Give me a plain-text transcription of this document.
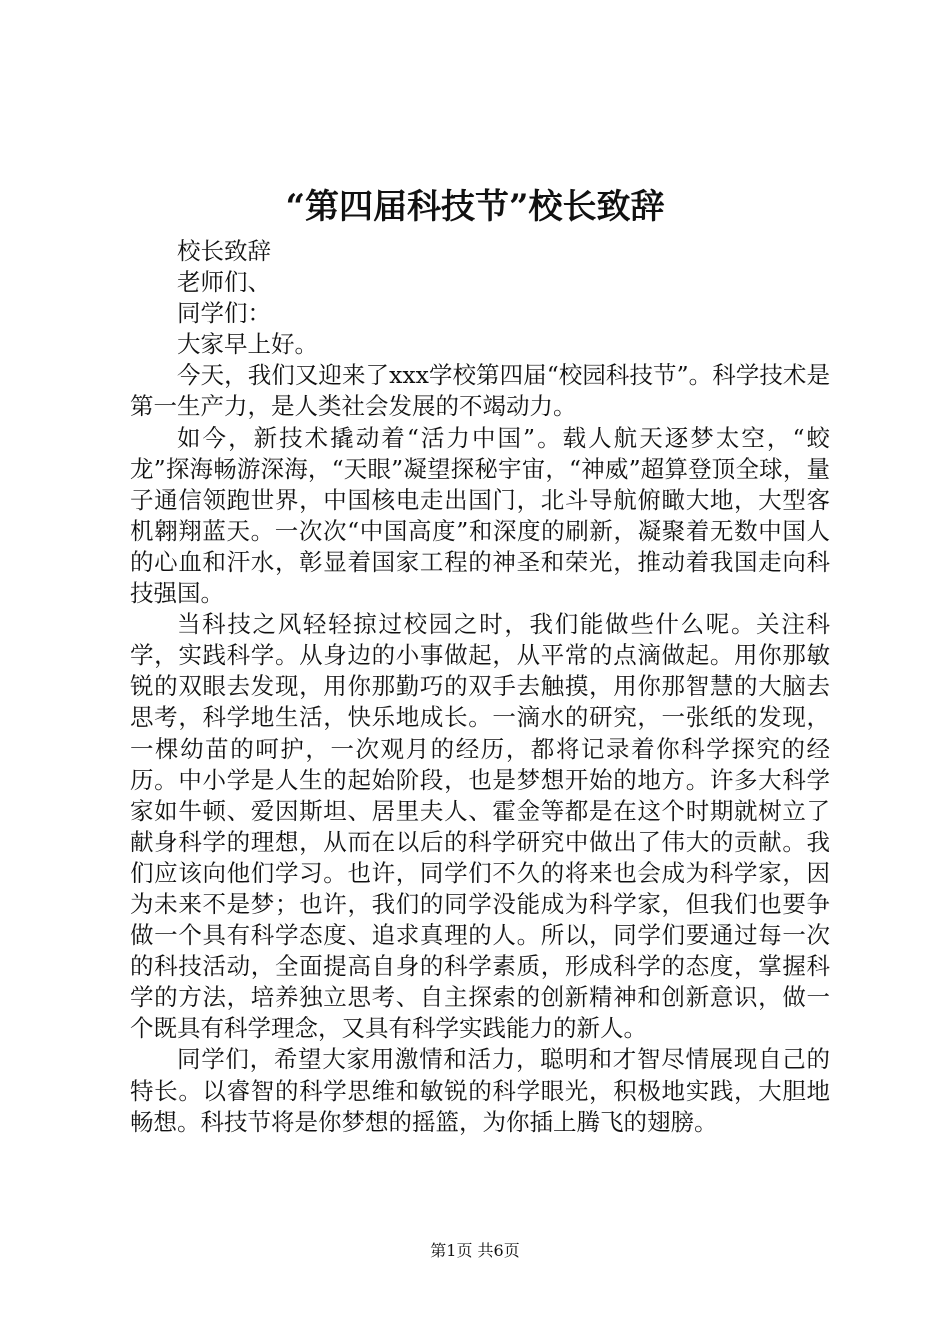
“第四届科技节”校长致辞

校长致辞

老师们、

同学们：

大家早上好。

今天，我们又迎来了xxx学校第四届“校园科技节”。科学技术是第一生产力，是人类社会发展的不竭动力。

如今，新技术撬动着“活力中国”。载人航天逐梦太空，“蛟龙”探海畅游深海，“天眼”凝望探秘宇宙，“神威”超算登顶全球，量子通信领跑世界，中国核电走出国门，北斗导航俯瞰大地，大型客机翱翔蓝天。一次次“中国高度”和深度的刷新，凝聚着无数中国人的心血和汗水，彰显着国家工程的神圣和荣光，推动着我国走向科技强国。

当科技之风轻轻掠过校园之时，我们能做些什么呢。关注科学，实践科学。从身边的小事做起，从平常的点滴做起。用你那敏锐的双眼去发现，用你那勤巧的双手去触摸，用你那智慧的大脑去思考，科学地生活，快乐地成长。一滴水的研究，一张纸的发现，一棵幼苗的呵护，一次观月的经历，都将记录着你科学探究的经历。中小学是人生的起始阶段，也是梦想开始的地方。许多大科学家如牛顿、爱因斯坦、居里夫人、霍金等都是在这个时期就树立了献身科学的理想，从而在以后的科学研究中做出了伟大的贡献。我们应该向他们学习。也许，同学们不久的将来也会成为科学家，因为未来不是梦；也许，我们的同学没能成为科学家，但我们也要争做一个具有科学态度、追求真理的人。所以，同学们要通过每一次的科技活动，全面提高自身的科学素质，形成科学的态度，掌握科学的方法，培养独立思考、自主探索的创新精神和创新意识，做一个既具有科学理念，又具有科学实践能力的新人。

同学们，希望大家用激情和活力，聪明和才智尽情展现自己的特长。以睿智的科学思维和敏锐的科学眼光，积极地实践，大胆地畅想。科技节将是你梦想的摇篮，为你插上腾飞的翅膀。

第1页 共6页
